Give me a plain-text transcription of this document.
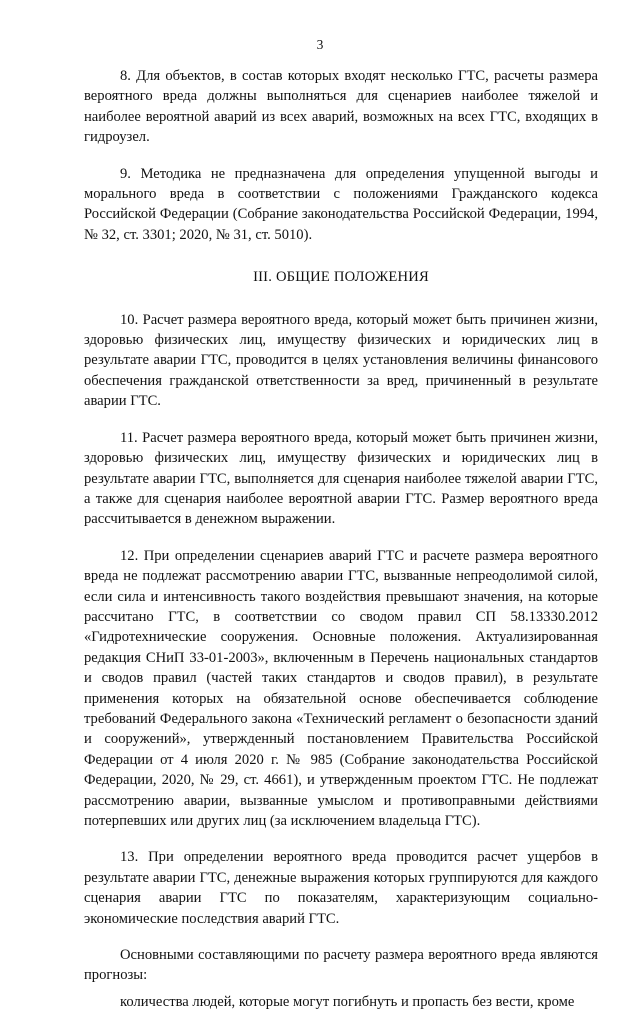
3

8. Для объектов, в состав которых входят несколько ГТС, расчеты размера вероятного вреда должны выполняться для сценариев наиболее тяжелой и наиболее вероятной аварий из всех аварий, возможных на всех ГТС, входящих в гидроузел.

9. Методика не предназначена для определения упущенной выгоды и морального вреда в соответствии с положениями Гражданского кодекса Российской Федерации (Собрание законодательства Российской Федерации, 1994, № 32, ст. 3301; 2020, № 31, ст. 5010).

III. ОБЩИЕ ПОЛОЖЕНИЯ

10. Расчет размера вероятного вреда, который может быть причинен жизни, здоровью физических лиц, имуществу физических и юридических лиц в результате аварии ГТС, проводится в целях установления величины финансового обеспечения гражданской ответственности за вред, причиненный в результате аварии ГТС.

11. Расчет размера вероятного вреда, который может быть причинен жизни, здоровью физических лиц, имуществу физических и юридических лиц в результате аварии ГТС, выполняется для сценария наиболее тяжелой аварии ГТС, а также для сценария наиболее вероятной аварии ГТС. Размер вероятного вреда рассчитывается в денежном выражении.

12. При определении сценариев аварий ГТС и расчете размера вероятного вреда не подлежат рассмотрению аварии ГТС, вызванные непреодолимой силой, если сила и интенсивность такого воздействия превышают значения, на которые рассчитано ГТС, в соответствии со сводом правил СП 58.13330.2012 «Гидротехнические сооружения. Основные положения. Актуализированная редакция СНиП 33-01-2003», включенным в Перечень национальных стандартов и сводов правил (частей таких стандартов и сводов правил), в результате применения которых на обязательной основе обеспечивается соблюдение требований Федерального закона «Технический регламент о безопасности зданий и сооружений», утвержденный постановлением Правительства Российской Федерации от 4 июля 2020 г. № 985 (Собрание законодательства Российской Федерации, 2020, № 29, ст. 4661), и утвержденным проектом ГТС. Не подлежат рассмотрению аварии, вызванные умыслом и противоправными действиями потерпевших или других лиц (за исключением владельца ГТС).

13. При определении вероятного вреда проводится расчет ущербов в результате аварии ГТС, денежные выражения которых группируются для каждого сценария аварии ГТС по показателям, характеризующим социально-экономические последствия аварий ГТС.

Основными составляющими по расчету размера вероятного вреда являются прогнозы:

количества людей, которые могут погибнуть и пропасть без вести, кроме
